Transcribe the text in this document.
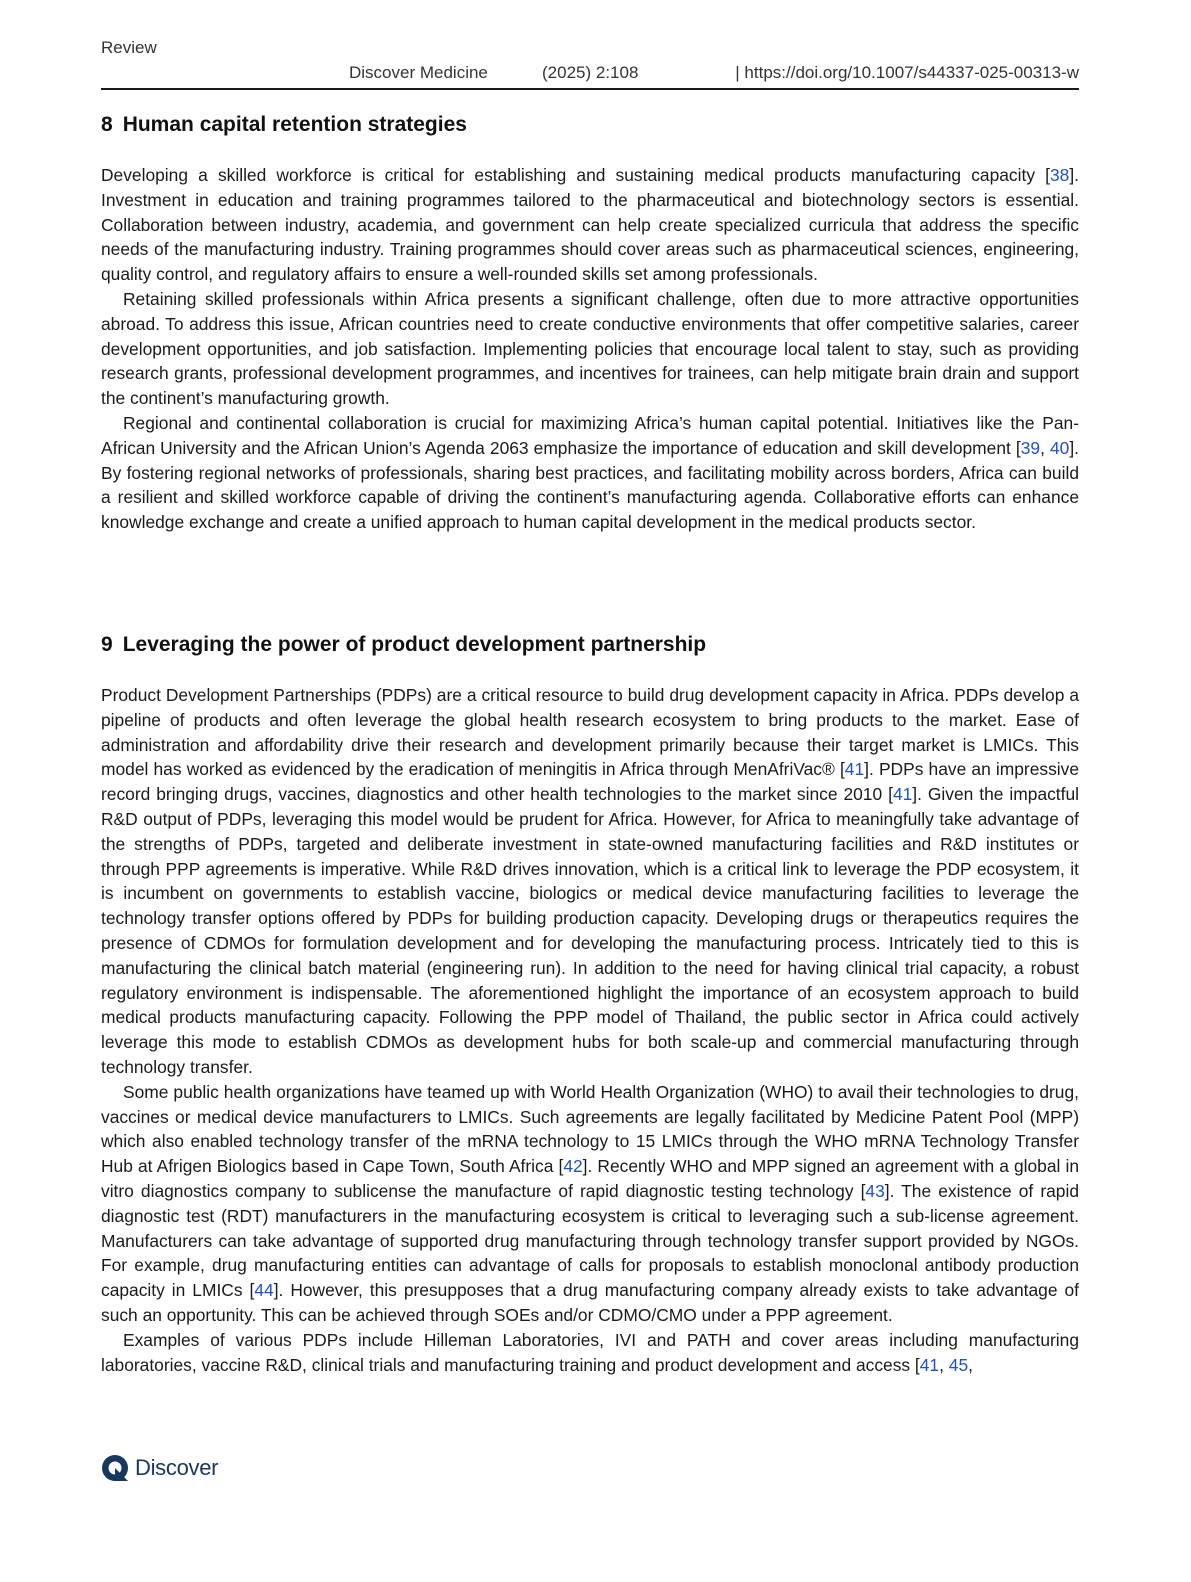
Review
Discover Medicine	(2025) 2:108	| https://doi.org/10.1007/s44337-025-00313-w
8 Human capital retention strategies

Developing a skilled workforce is critical for establishing and sustaining medical products manufacturing capacity [38]. Investment in education and training programmes tailored to the pharmaceutical and biotechnology sectors is essential. Collaboration between industry, academia, and government can help create specialized curricula that address the specific needs of the manufacturing industry. Training programmes should cover areas such as pharmaceutical sciences, engineering, quality control, and regulatory affairs to ensure a well-rounded skills set among professionals.

Retaining skilled professionals within Africa presents a significant challenge, often due to more attractive opportunities abroad. To address this issue, African countries need to create conductive environments that offer competitive salaries, career development opportunities, and job satisfaction. Implementing policies that encourage local talent to stay, such as providing research grants, professional development programmes, and incentives for trainees, can help mitigate brain drain and support the continent’s manufacturing growth.

Regional and continental collaboration is crucial for maximizing Africa’s human capital potential. Initiatives like the Pan-African University and the African Union’s Agenda 2063 emphasize the importance of education and skill development [39, 40]. By fostering regional networks of professionals, sharing best practices, and facilitating mobility across borders, Africa can build a resilient and skilled workforce capable of driving the continent’s manufacturing agenda. Collaborative efforts can enhance knowledge exchange and create a unified approach to human capital development in the medical products sector.

9 Leveraging the power of product development partnership

Product Development Partnerships (PDPs) are a critical resource to build drug development capacity in Africa. PDPs develop a pipeline of products and often leverage the global health research ecosystem to bring products to the market. Ease of administration and affordability drive their research and development primarily because their target market is LMICs. This model has worked as evidenced by the eradication of meningitis in Africa through MenAfriVac® [41]. PDPs have an impressive record bringing drugs, vaccines, diagnostics and other health technologies to the market since 2010 [41]. Given the impactful R&D output of PDPs, leveraging this model would be prudent for Africa. However, for Africa to meaningfully take advantage of the strengths of PDPs, targeted and deliberate investment in state-owned manufacturing facilities and R&D institutes or through PPP agreements is imperative. While R&D drives innovation, which is a critical link to leverage the PDP ecosystem, it is incumbent on governments to establish vaccine, biologics or medical device manufacturing facilities to leverage the technology transfer options offered by PDPs for building production capacity. Developing drugs or therapeutics requires the presence of CDMOs for formulation development and for developing the manufacturing process. Intricately tied to this is manufacturing the clinical batch material (engineering run). In addition to the need for having clinical trial capacity, a robust regulatory environment is indispensable. The aforementioned highlight the importance of an ecosystem approach to build medical products manufacturing capacity. Following the PPP model of Thailand, the public sector in Africa could actively leverage this mode to establish CDMOs as development hubs for both scale-up and commercial manufacturing through technology transfer.

Some public health organizations have teamed up with World Health Organization (WHO) to avail their technologies to drug, vaccines or medical device manufacturers to LMICs. Such agreements are legally facilitated by Medicine Patent Pool (MPP) which also enabled technology transfer of the mRNA technology to 15 LMICs through the WHO mRNA Technology Transfer Hub at Afrigen Biologics based in Cape Town, South Africa [42]. Recently WHO and MPP signed an agreement with a global in vitro diagnostics company to sublicense the manufacture of rapid diagnostic testing technology [43]. The existence of rapid diagnostic test (RDT) manufacturers in the manufacturing ecosystem is critical to leveraging such a sub-license agreement. Manufacturers can take advantage of supported drug manufacturing through technology transfer support provided by NGOs. For example, drug manufacturing entities can advantage of calls for proposals to establish monoclonal antibody production capacity in LMICs [44]. However, this presupposes that a drug manufacturing company already exists to take advantage of such an opportunity. This can be achieved through SOEs and/or CDMO/CMO under a PPP agreement.

Examples of various PDPs include Hilleman Laboratories, IVI and PATH and cover areas including manufacturing laboratories, vaccine R&D, clinical trials and manufacturing training and product development and access [41, 45,

Discover
